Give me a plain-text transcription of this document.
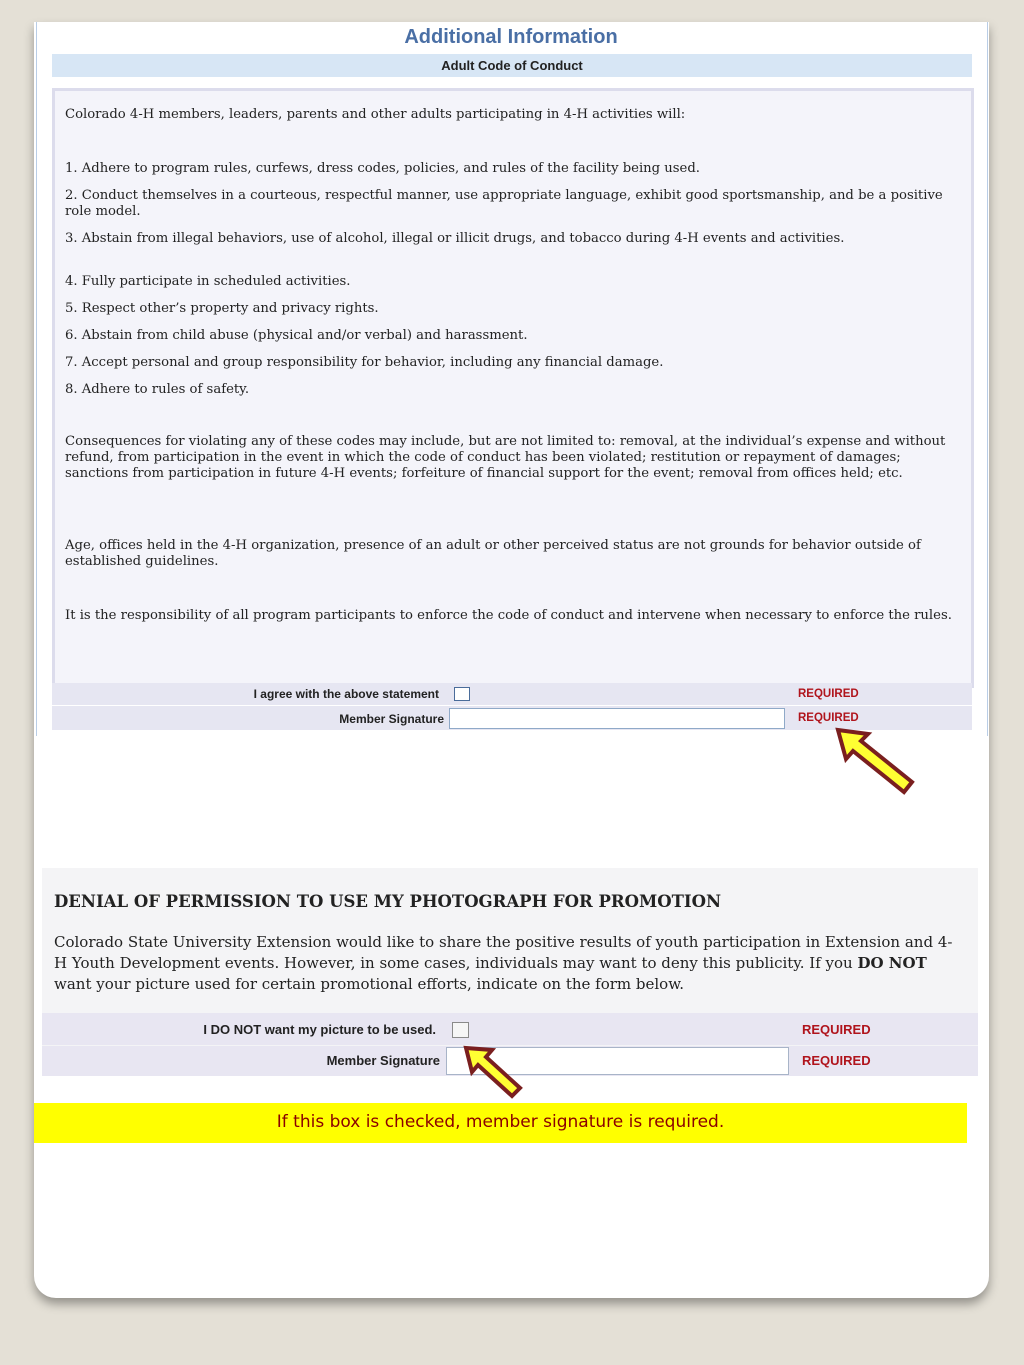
Additional Information
Adult Code of Conduct

Colorado 4-H members, leaders, parents and other adults participating in 4-H activities will:

1. Adhere to program rules, curfews, dress codes, policies, and rules of the facility being used.

2. Conduct themselves in a courteous, respectful manner, use appropriate language, exhibit good sportsmanship, and be a positive role model.

3. Abstain from illegal behaviors, use of alcohol, illegal or illicit drugs, and tobacco during 4-H events and activities.

4. Fully participate in scheduled activities.

5. Respect other’s property and privacy rights.

6. Abstain from child abuse (physical and/or verbal) and harassment.

7. Accept personal and group responsibility for behavior, including any financial damage.

8. Adhere to rules of safety.

Consequences for violating any of these codes may include, but are not limited to: removal, at the individual’s expense and without refund, from participation in the event in which the code of conduct has been violated; restitution or repayment of damages; sanctions from participation in future 4-H events; forfeiture of financial support for the event; removal from offices held; etc.

Age, offices held in the 4-H organization, presence of an adult or other perceived status are not grounds for behavior outside of established guidelines.

It is the responsibility of all program participants to enforce the code of conduct and intervene when necessary to enforce the rules.

I agree with the above statement	REQUIRED
Member Signature	REQUIRED
DENIAL OF PERMISSION TO USE MY PHOTOGRAPH FOR PROMOTION
Colorado State University Extension would like to share the positive results of youth participation in Extension and 4-H Youth Development events. However, in some cases, individuals may want to deny this publicity. If you DO NOT want your picture used for certain promotional efforts, indicate on the form below.
I DO NOT want my picture to be used.	REQUIRED
Member Signature	REQUIRED
If this box is checked, member signature is required.
